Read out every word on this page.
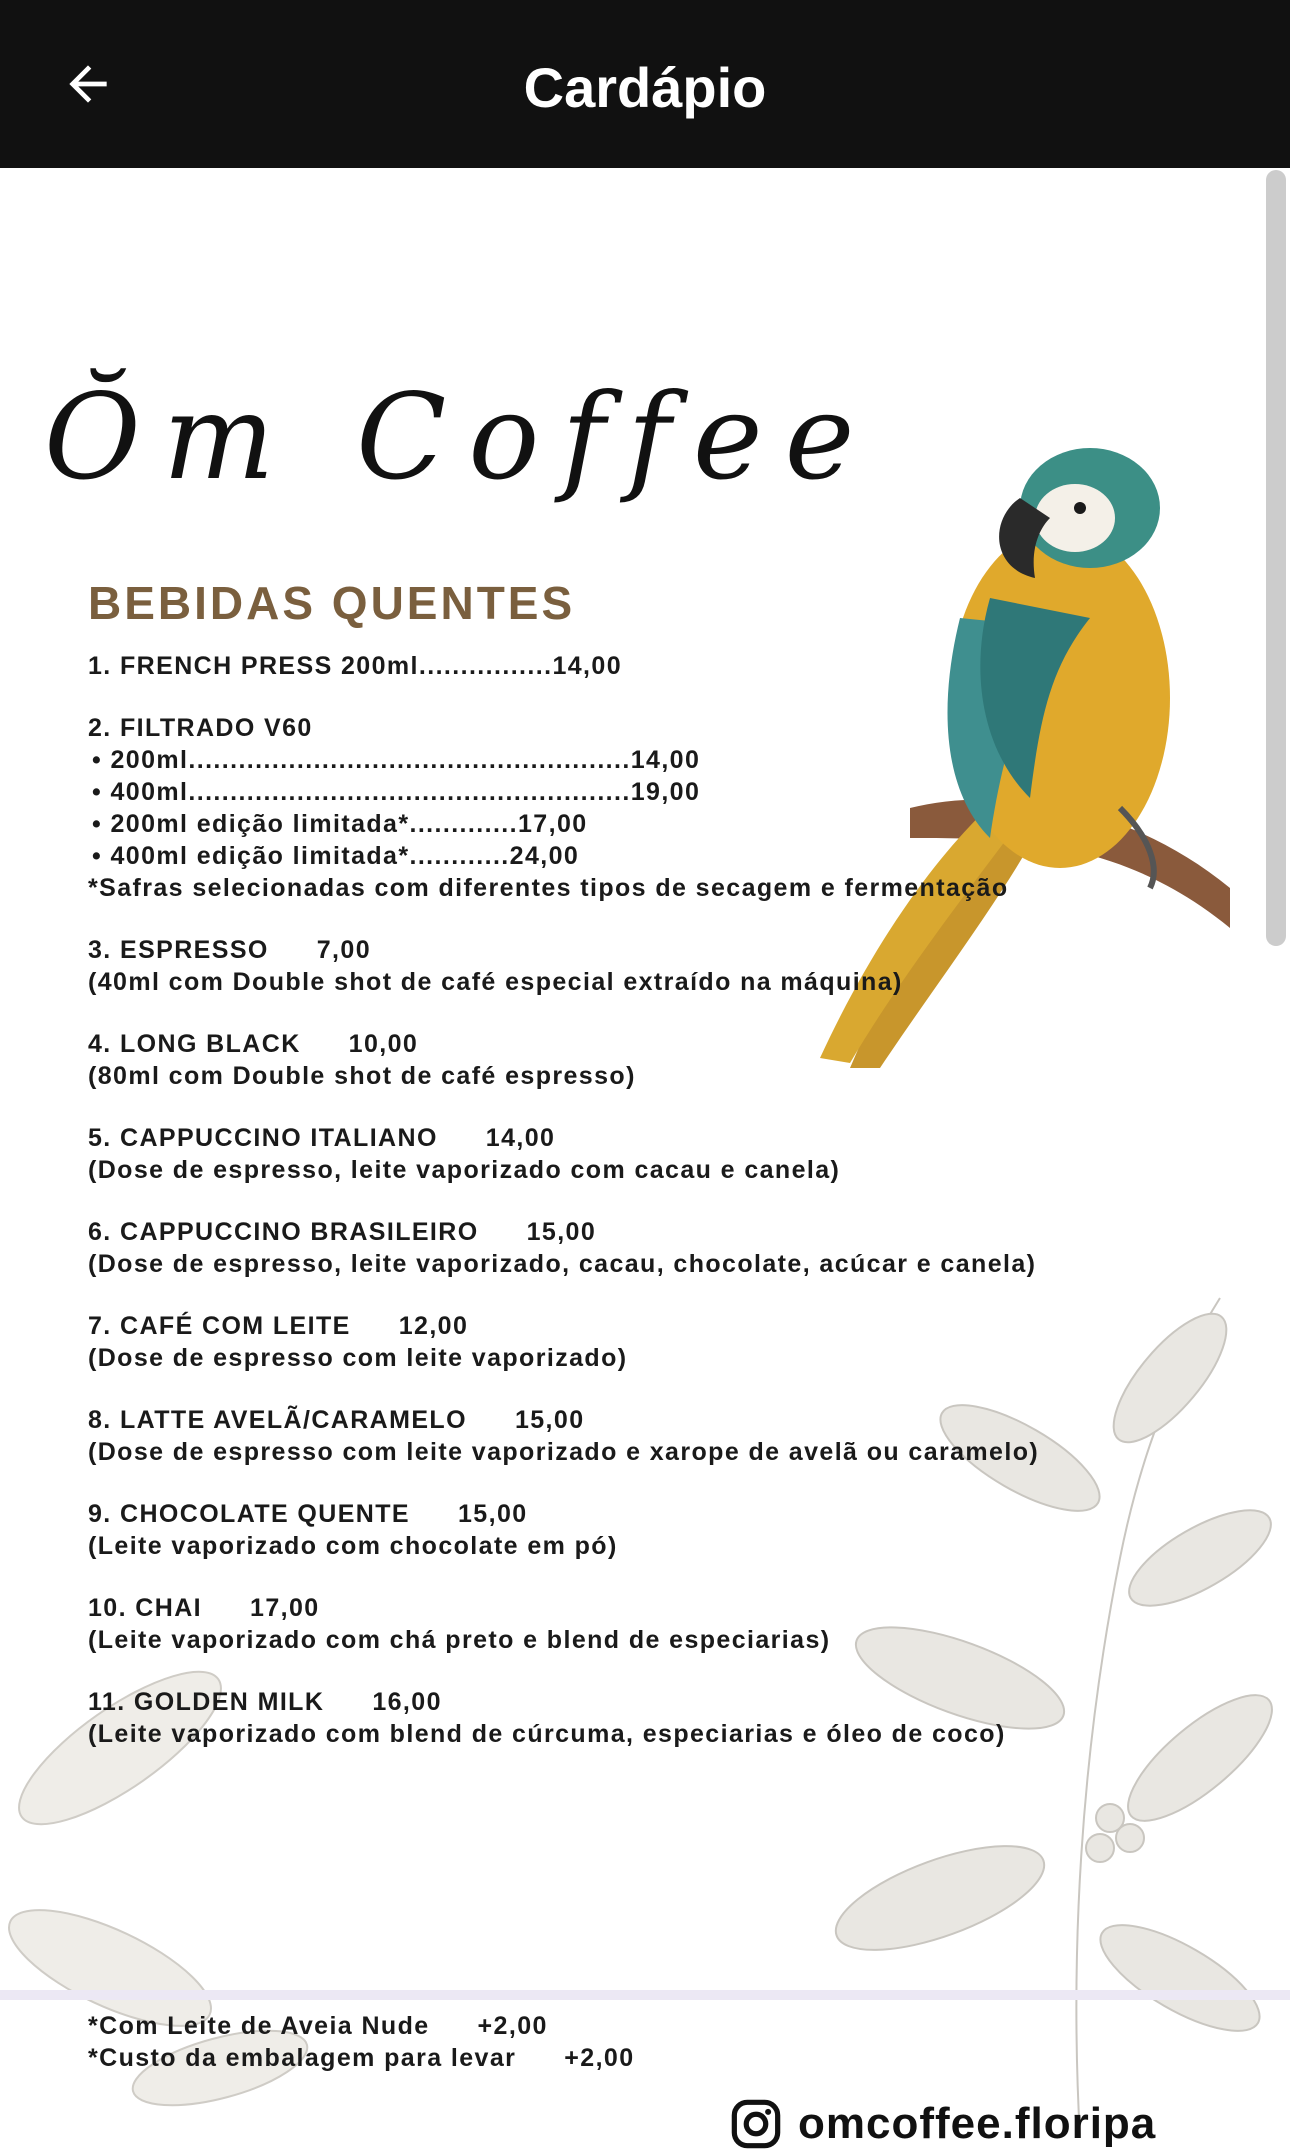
Cardápio
Ŏm Coffee
BEBIDAS QUENTES
1. FRENCH PRESS 200ml................14,00
2. FILTRADO V60
• 200ml.....................................................14,00
• 400ml.....................................................19,00
• 200ml edição limitada*.............17,00
• 400ml edição limitada*............24,00
*Safras selecionadas com diferentes tipos de secagem e fermentação
3. ESPRESSO 7,00
(40ml com Double shot de café especial extraído na máquina)
4. LONG BLACK 10,00
(80ml com Double shot de café espresso)
5. CAPPUCCINO ITALIANO 14,00
(Dose de espresso, leite vaporizado com cacau e canela)
6. CAPPUCCINO BRASILEIRO 15,00
(Dose de espresso, leite vaporizado, cacau, chocolate, acúcar e canela)
7. CAFÉ COM LEITE 12,00
(Dose de espresso com leite vaporizado)
8. LATTE AVELÃ/CARAMELO 15,00
(Dose de espresso com leite vaporizado e xarope de avelã ou caramelo)
9. CHOCOLATE QUENTE 15,00
(Leite vaporizado com chocolate em pó)
10. CHAI 17,00
(Leite vaporizado com chá preto e blend de especiarias)
11. GOLDEN MILK 16,00
(Leite vaporizado com blend de cúrcuma, especiarias e óleo de coco)
*Com Leite de Aveia Nude +2,00
*Custo da embalagem para levar +2,00
omcoffee.floripa
